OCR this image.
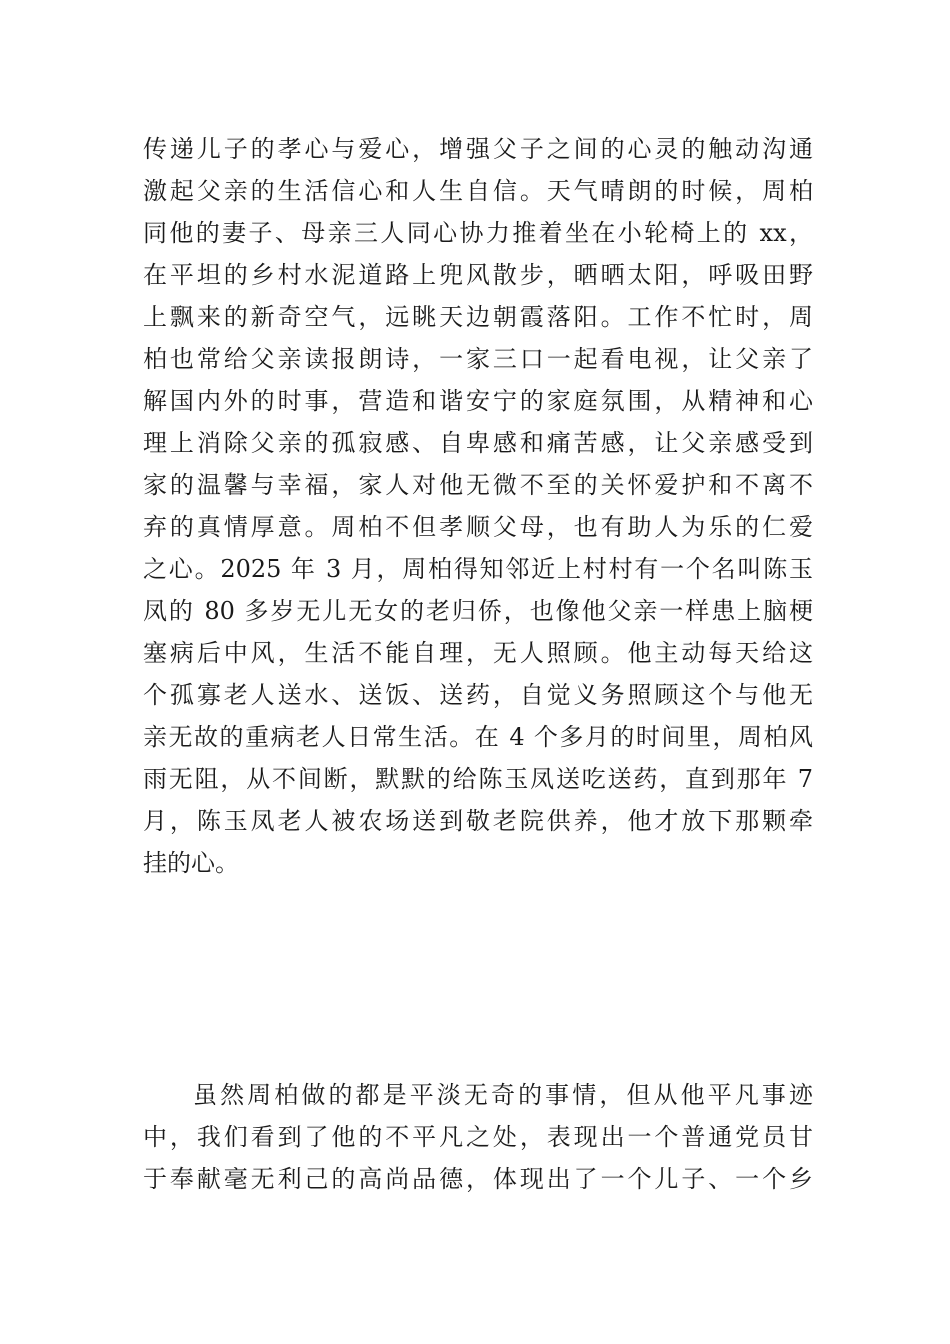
传递儿子的孝心与爱心，增强父子之间的心灵的触动沟通
激起父亲的生活信心和人生自信。天气晴朗的时候，周柏
同他的妻子、母亲三人同心协力推着坐在小轮椅上的 xx，
在平坦的乡村水泥道路上兜风散步，晒晒太阳，呼吸田野
上飘来的新奇空气，远眺天边朝霞落阳。工作不忙时，周
柏也常给父亲读报朗诗，一家三口一起看电视，让父亲了
解国内外的时事，营造和谐安宁的家庭氛围，从精神和心
理上消除父亲的孤寂感、自卑感和痛苦感，让父亲感受到
家的温馨与幸福，家人对他无微不至的关怀爱护和不离不
弃的真情厚意。周柏不但孝顺父母，也有助人为乐的仁爱
之心。2025 年 3 月，周柏得知邻近上村村有一个名叫陈玉
凤的 80 多岁无儿无女的老归侨，也像他父亲一样患上脑梗
塞病后中风，生活不能自理，无人照顾。他主动每天给这
个孤寡老人送水、送饭、送药，自觉义务照顾这个与他无
亲无故的重病老人日常生活。在 4 个多月的时间里，周柏风
雨无阻，从不间断，默默的给陈玉凤送吃送药，直到那年 7
月，陈玉凤老人被农场送到敬老院供养，他才放下那颗牵
挂的心。
虽然周柏做的都是平淡无奇的事情，但从他平凡事迹
中，我们看到了他的不平凡之处，表现出一个普通党员甘
于奉献毫无利己的高尚品德，体现出了一个儿子、一个乡
